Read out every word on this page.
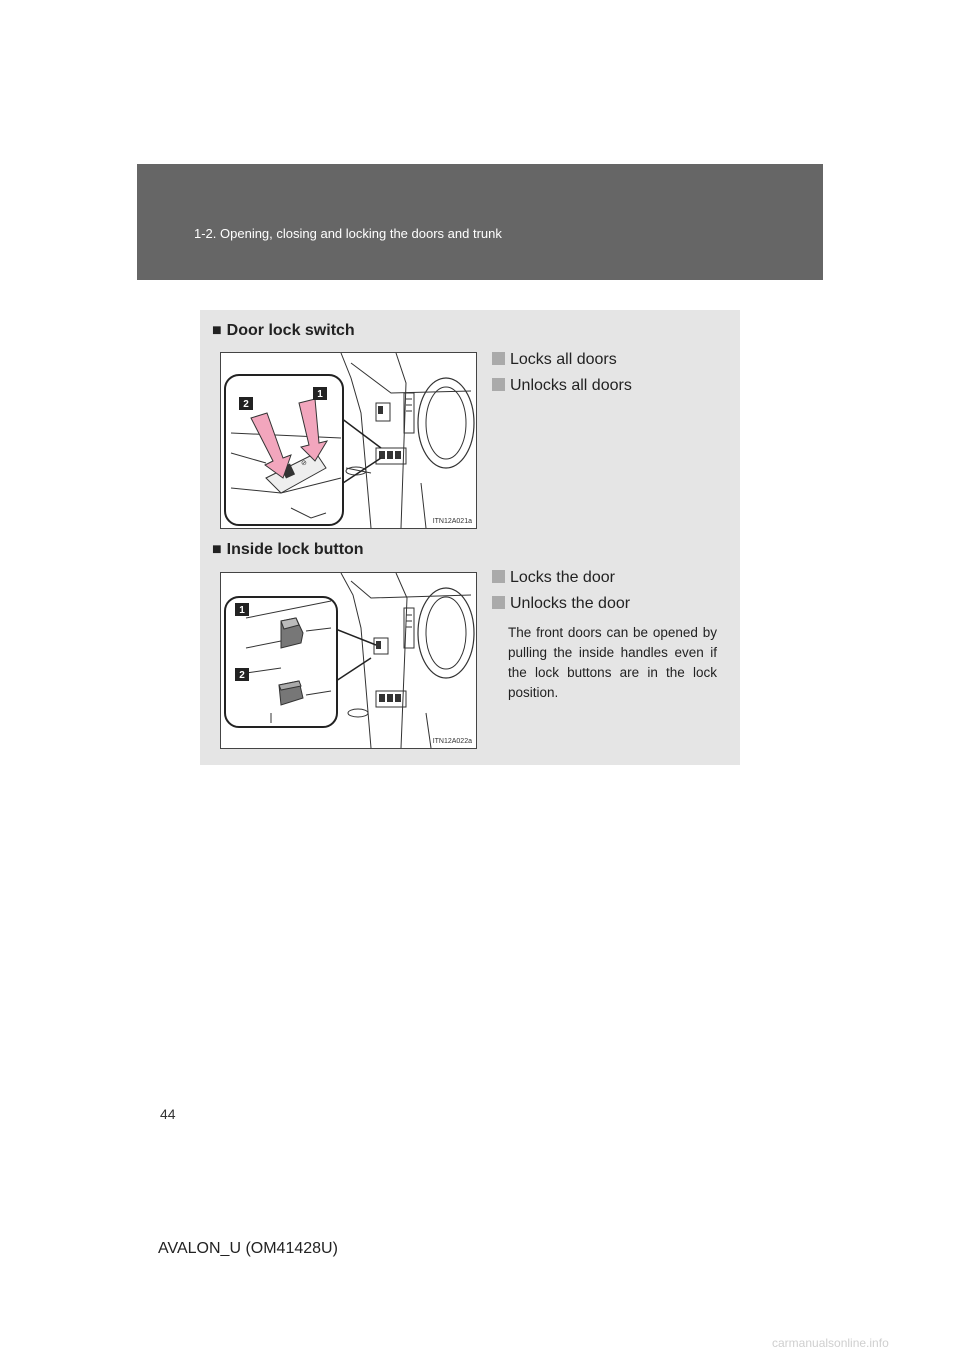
1-2. Opening, closing and locking the doors and trunk
■ Door lock switch
⊘
2
1
ITN12A021a
Locks all doors
Unlocks all doors
■ Inside lock button
1
2
ITN12A022a
Locks the door
Unlocks the door
The front doors can be opened by pulling the inside handles even if the lock buttons are in the lock position.
44
AVALON_U (OM41428U)
carmanualsonline.info
